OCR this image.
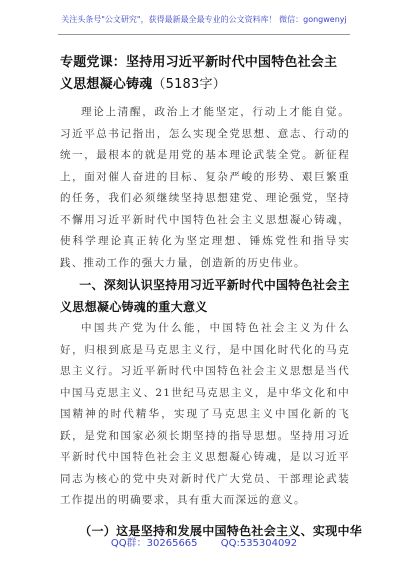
关注头条号"公文研究"，获得最新最全最专业的公文资料库！ 微信：gongwenyj
专题党课：坚持用习近平新时代中国特色社会主义思想凝心铸魂（5183字）

理论上清醒，政治上才能坚定，行动上才能自觉。习近平总书记指出，怎么实现全党思想、意志、行动的统一，最根本的就是用党的基本理论武装全党。新征程上，面对催人奋进的目标、复杂严峻的形势、艰巨繁重的任务，我们必须继续坚持思想建党、理论强党，坚持不懈用习近平新时代中国特色社会主义思想凝心铸魂，使科学理论真正转化为坚定理想、锤炼党性和指导实践、推动工作的强大力量，创造新的历史伟业。

一、深刻认识坚持用习近平新时代中国特色社会主义思想凝心铸魂的重大意义

中国共产党为什么能，中国特色社会主义为什么好，归根到底是马克思主义行，是中国化时代化的马克思主义行。习近平新时代中国特色社会主义思想是当代中国马克思主义、21世纪马克思主义，是中华文化和中国精神的时代精华，实现了马克思主义中国化新的飞跃，是党和国家必须长期坚持的指导思想。坚持用习近平新时代中国特色社会主义思想凝心铸魂，是以习近平同志为核心的党中央对新时代广大党员、干部理论武装工作提出的明确要求，具有重大而深远的意义。

（一）这是坚持和发展中国特色社会主义、实现中华
QQ群：30265665 QQ:535304092
